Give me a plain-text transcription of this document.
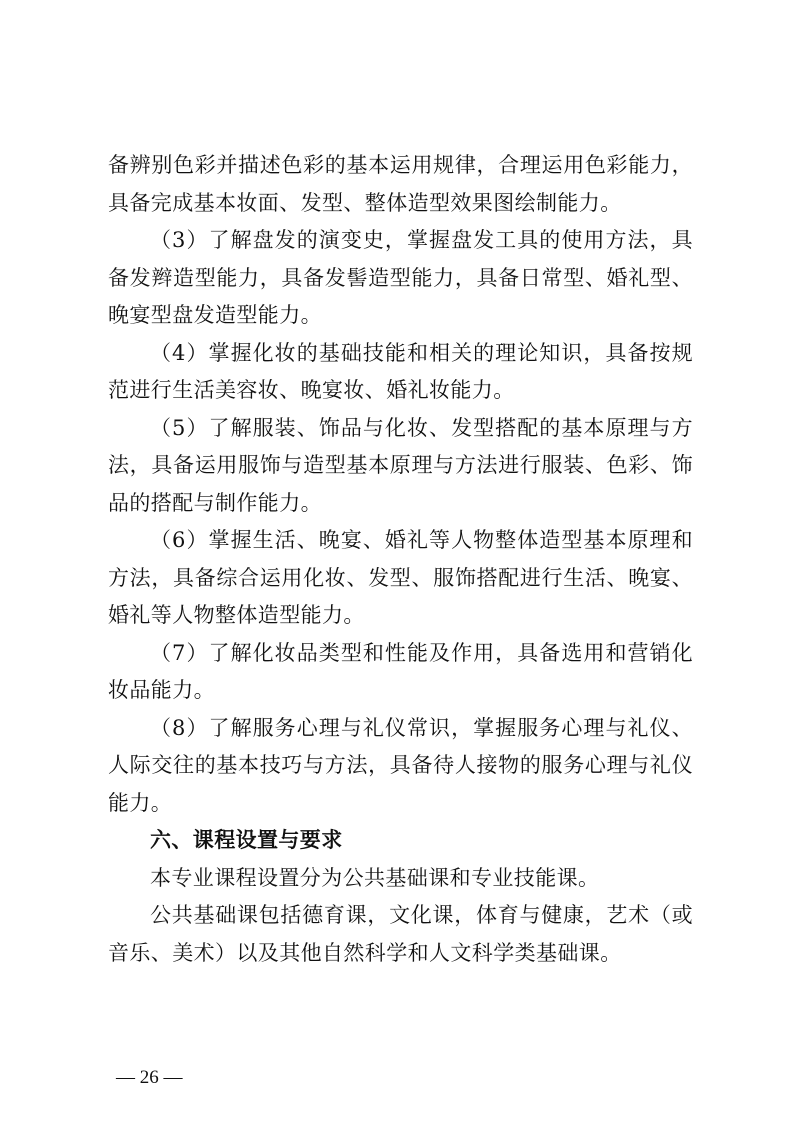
备辨别色彩并描述色彩的基本运用规律，合理运用色彩能力，具备完成基本妆面、发型、整体造型效果图绘制能力。

（3）了解盘发的演变史，掌握盘发工具的使用方法，具备发辫造型能力，具备发髻造型能力，具备日常型、婚礼型、晚宴型盘发造型能力。

（4）掌握化妆的基础技能和相关的理论知识，具备按规范进行生活美容妆、晚宴妆、婚礼妆能力。

（5）了解服装、饰品与化妆、发型搭配的基本原理与方法，具备运用服饰与造型基本原理与方法进行服装、色彩、饰品的搭配与制作能力。

（6）掌握生活、晚宴、婚礼等人物整体造型基本原理和方法，具备综合运用化妆、发型、服饰搭配进行生活、晚宴、婚礼等人物整体造型能力。

（7）了解化妆品类型和性能及作用，具备选用和营销化妆品能力。

（8）了解服务心理与礼仪常识，掌握服务心理与礼仪、人际交往的基本技巧与方法，具备待人接物的服务心理与礼仪能力。

六、课程设置与要求

本专业课程设置分为公共基础课和专业技能课。

公共基础课包括德育课，文化课，体育与健康，艺术（或音乐、美术）以及其他自然科学和人文科学类基础课。

— 26 —
